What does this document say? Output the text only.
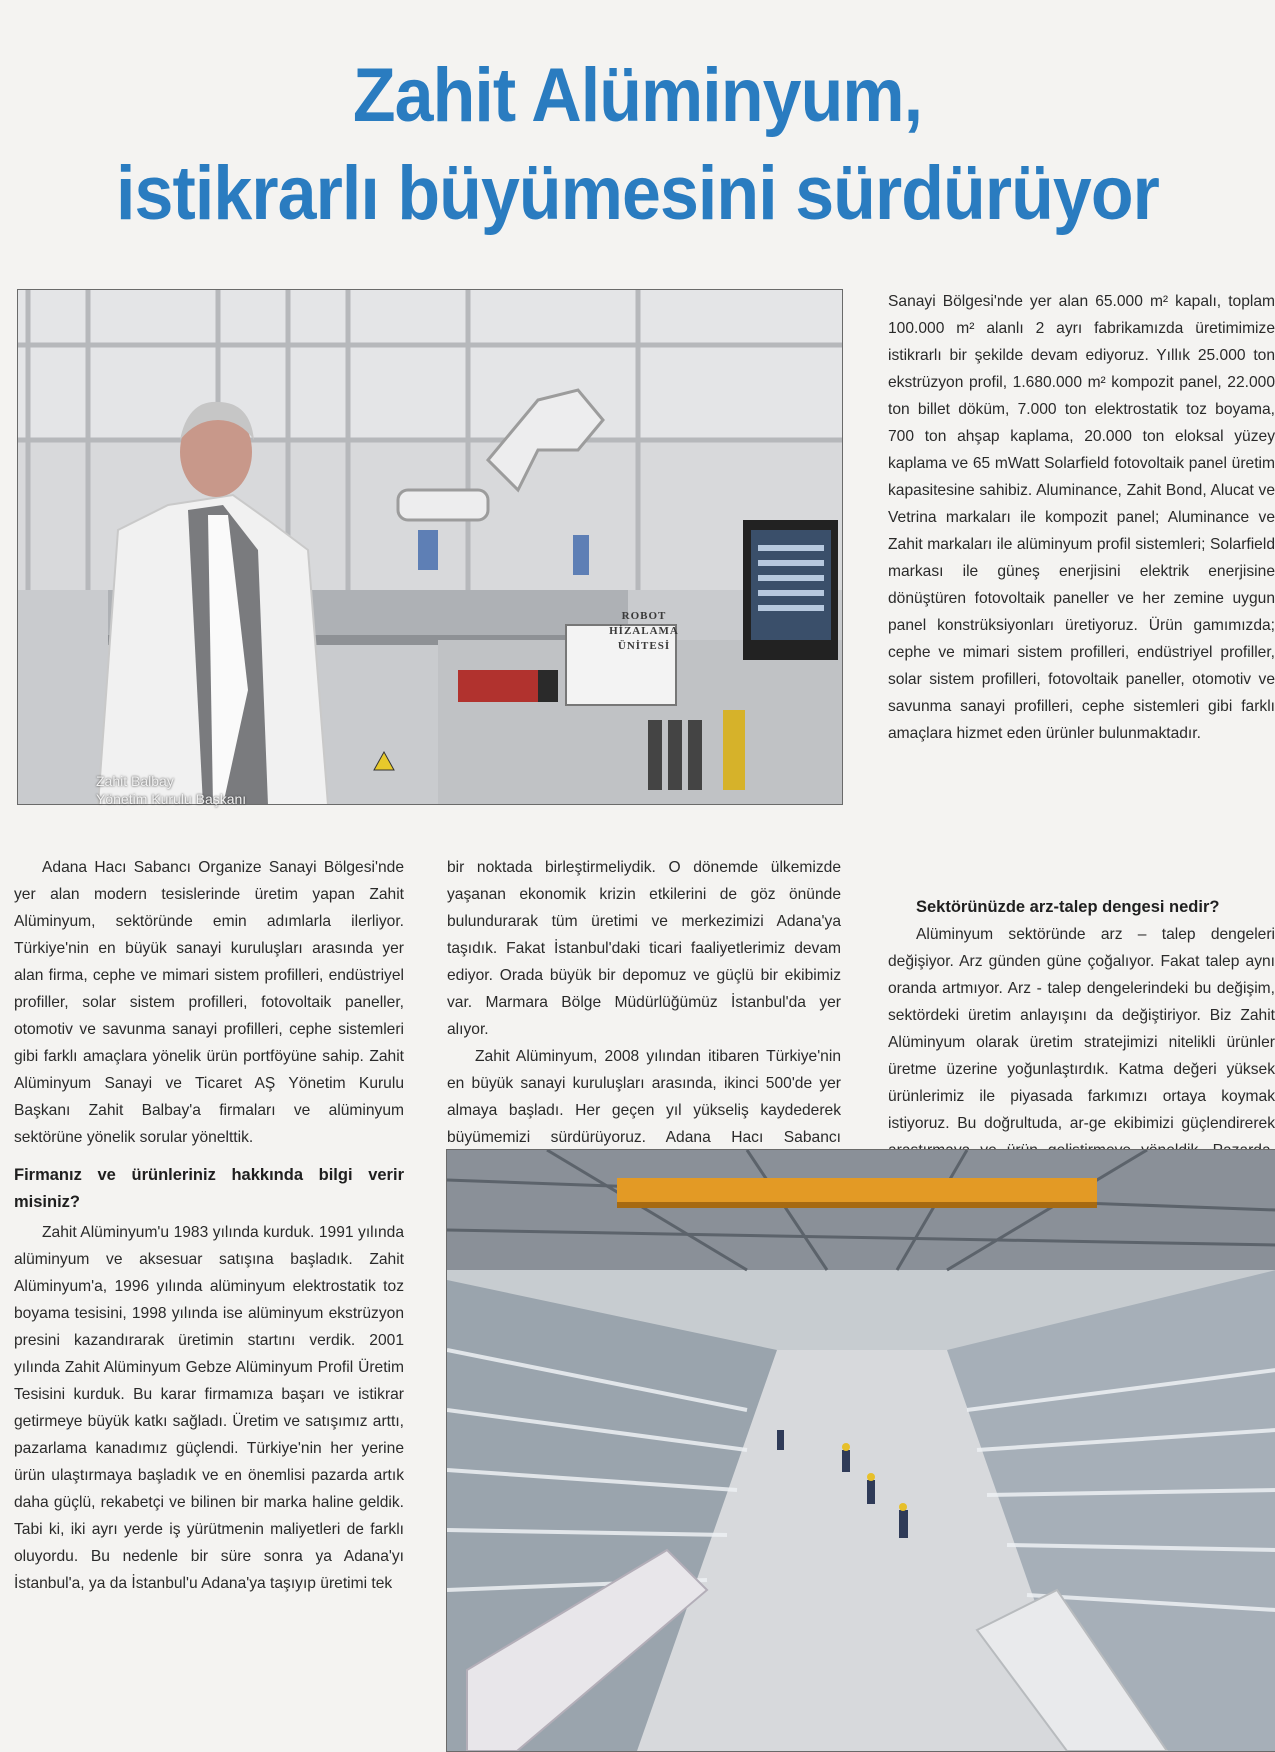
Zahit Alüminyum,
istikrarlı büyümesini sürdürüyor
Zahit Balbay
Yönetim Kurulu Başkanı
ROBOT
HİZALAMA
ÜNİTESİ

Adana Hacı Sabancı Organize Sanayi Bölgesi'nde yer alan modern tesislerinde üretim yapan Zahit Alüminyum, sektöründe emin adımlarla ilerliyor. Türkiye'nin en büyük sanayi kuruluşları arasında yer alan firma, cephe ve mimari sistem profilleri, endüstriyel profiller, solar sistem profilleri, fotovoltaik paneller, otomotiv ve savunma sanayi profilleri, cephe sistemleri gibi farklı amaçlara yönelik ürün portföyüne sahip. Zahit Alüminyum Sanayi ve Ticaret AŞ Yönetim Kurulu Başkanı Zahit Balbay'a firmaları ve alüminyum sektörüne yönelik sorular yönelttik.

Firmanız ve ürünleriniz hakkında bilgi verir misiniz?

Zahit Alüminyum'u 1983 yılında kurduk. 1991 yılında alüminyum ve aksesuar satışına başladık. Zahit Alüminyum'a, 1996 yılında alüminyum elektrostatik toz boyama tesisini, 1998 yılında ise alüminyum ekstrüzyon presini kazandırarak üretimin startını verdik. 2001 yılında Zahit Alüminyum Gebze Alüminyum Profil Üretim Tesisini kurduk. Bu karar firmamıza başarı ve istikrar getirmeye büyük katkı sağladı. Üretim ve satışımız arttı, pazarlama kanadımız güçlendi. Türkiye'nin her yerine ürün ulaştırmaya başladık ve en önemlisi pazarda artık daha güçlü, rekabetçi ve bilinen bir marka haline geldik. Tabi ki, iki ayrı yerde iş yürütmenin maliyetleri de farklı oluyordu. Bu nedenle bir süre sonra ya Adana'yı İstanbul'a, ya da İstanbul'u Adana'ya taşıyıp üretimi tek

bir noktada birleştirmeliydik. O dönemde ülkemizde yaşanan ekonomik krizin etkilerini de göz önünde bulundurarak tüm üretimi ve merkezimizi Adana'ya taşıdık. Fakat İstanbul'daki ticari faaliyetlerimiz devam ediyor. Orada büyük bir depomuz ve güçlü bir ekibimiz var. Marmara Bölge Müdürlüğümüz İstanbul'da yer alıyor.

Zahit Alüminyum, 2008 yılından itibaren Türkiye'nin en büyük sanayi kuruluşları arasında, ikinci 500'de yer almaya başladı. Her geçen yıl yükseliş kaydederek büyümemizi sürdürüyoruz. Adana Hacı Sabancı

Sanayi Bölgesi'nde yer alan 65.000 m² kapalı, toplam 100.000 m² alanlı 2 ayrı fabrikamızda üretimimize istikrarlı bir şekilde devam ediyoruz. Yıllık 25.000 ton ekstrüzyon profil, 1.680.000 m² kompozit panel, 22.000 ton billet döküm, 7.000 ton elektrostatik toz boyama, 700 ton ahşap kaplama, 20.000 ton eloksal yüzey kaplama ve 65 mWatt Solarfield fotovoltaik panel üretim kapasitesine sahibiz. Aluminance, Zahit Bond, Alucat ve Vetrina markaları ile kompozit panel; Aluminance ve Zahit markaları ile alüminyum profil sistemleri; Solarfield markası ile güneş enerjisini elektrik enerjisine dönüştüren fotovoltaik paneller ve her zemine uygun panel konstrüksiyonları üretiyoruz. Ürün gamımızda; cephe ve mimari sistem profilleri, endüstriyel profiller, solar sistem profilleri, fotovoltaik paneller, otomotiv ve savunma sanayi profilleri, cephe sistemleri gibi farklı amaçlara hizmet eden ürünler bulunmaktadır.

Sektörünüzde arz-talep dengesi nedir?

Alüminyum sektöründe arz – talep dengeleri değişiyor. Arz günden güne çoğalıyor. Fakat talep aynı oranda artmıyor. Arz - talep dengelerindeki bu değişim, sektördeki üretim anlayışını da değiştiriyor. Biz Zahit Alüminyum olarak üretim stratejimizi nitelikli ürünler üretme üzerine yoğunlaştırdık. Katma değeri yüksek ürünlerimiz ile piyasada farkımızı ortaya koymak istiyoruz. Bu doğrultuda, ar-ge ekibimizi güçlendirerek
